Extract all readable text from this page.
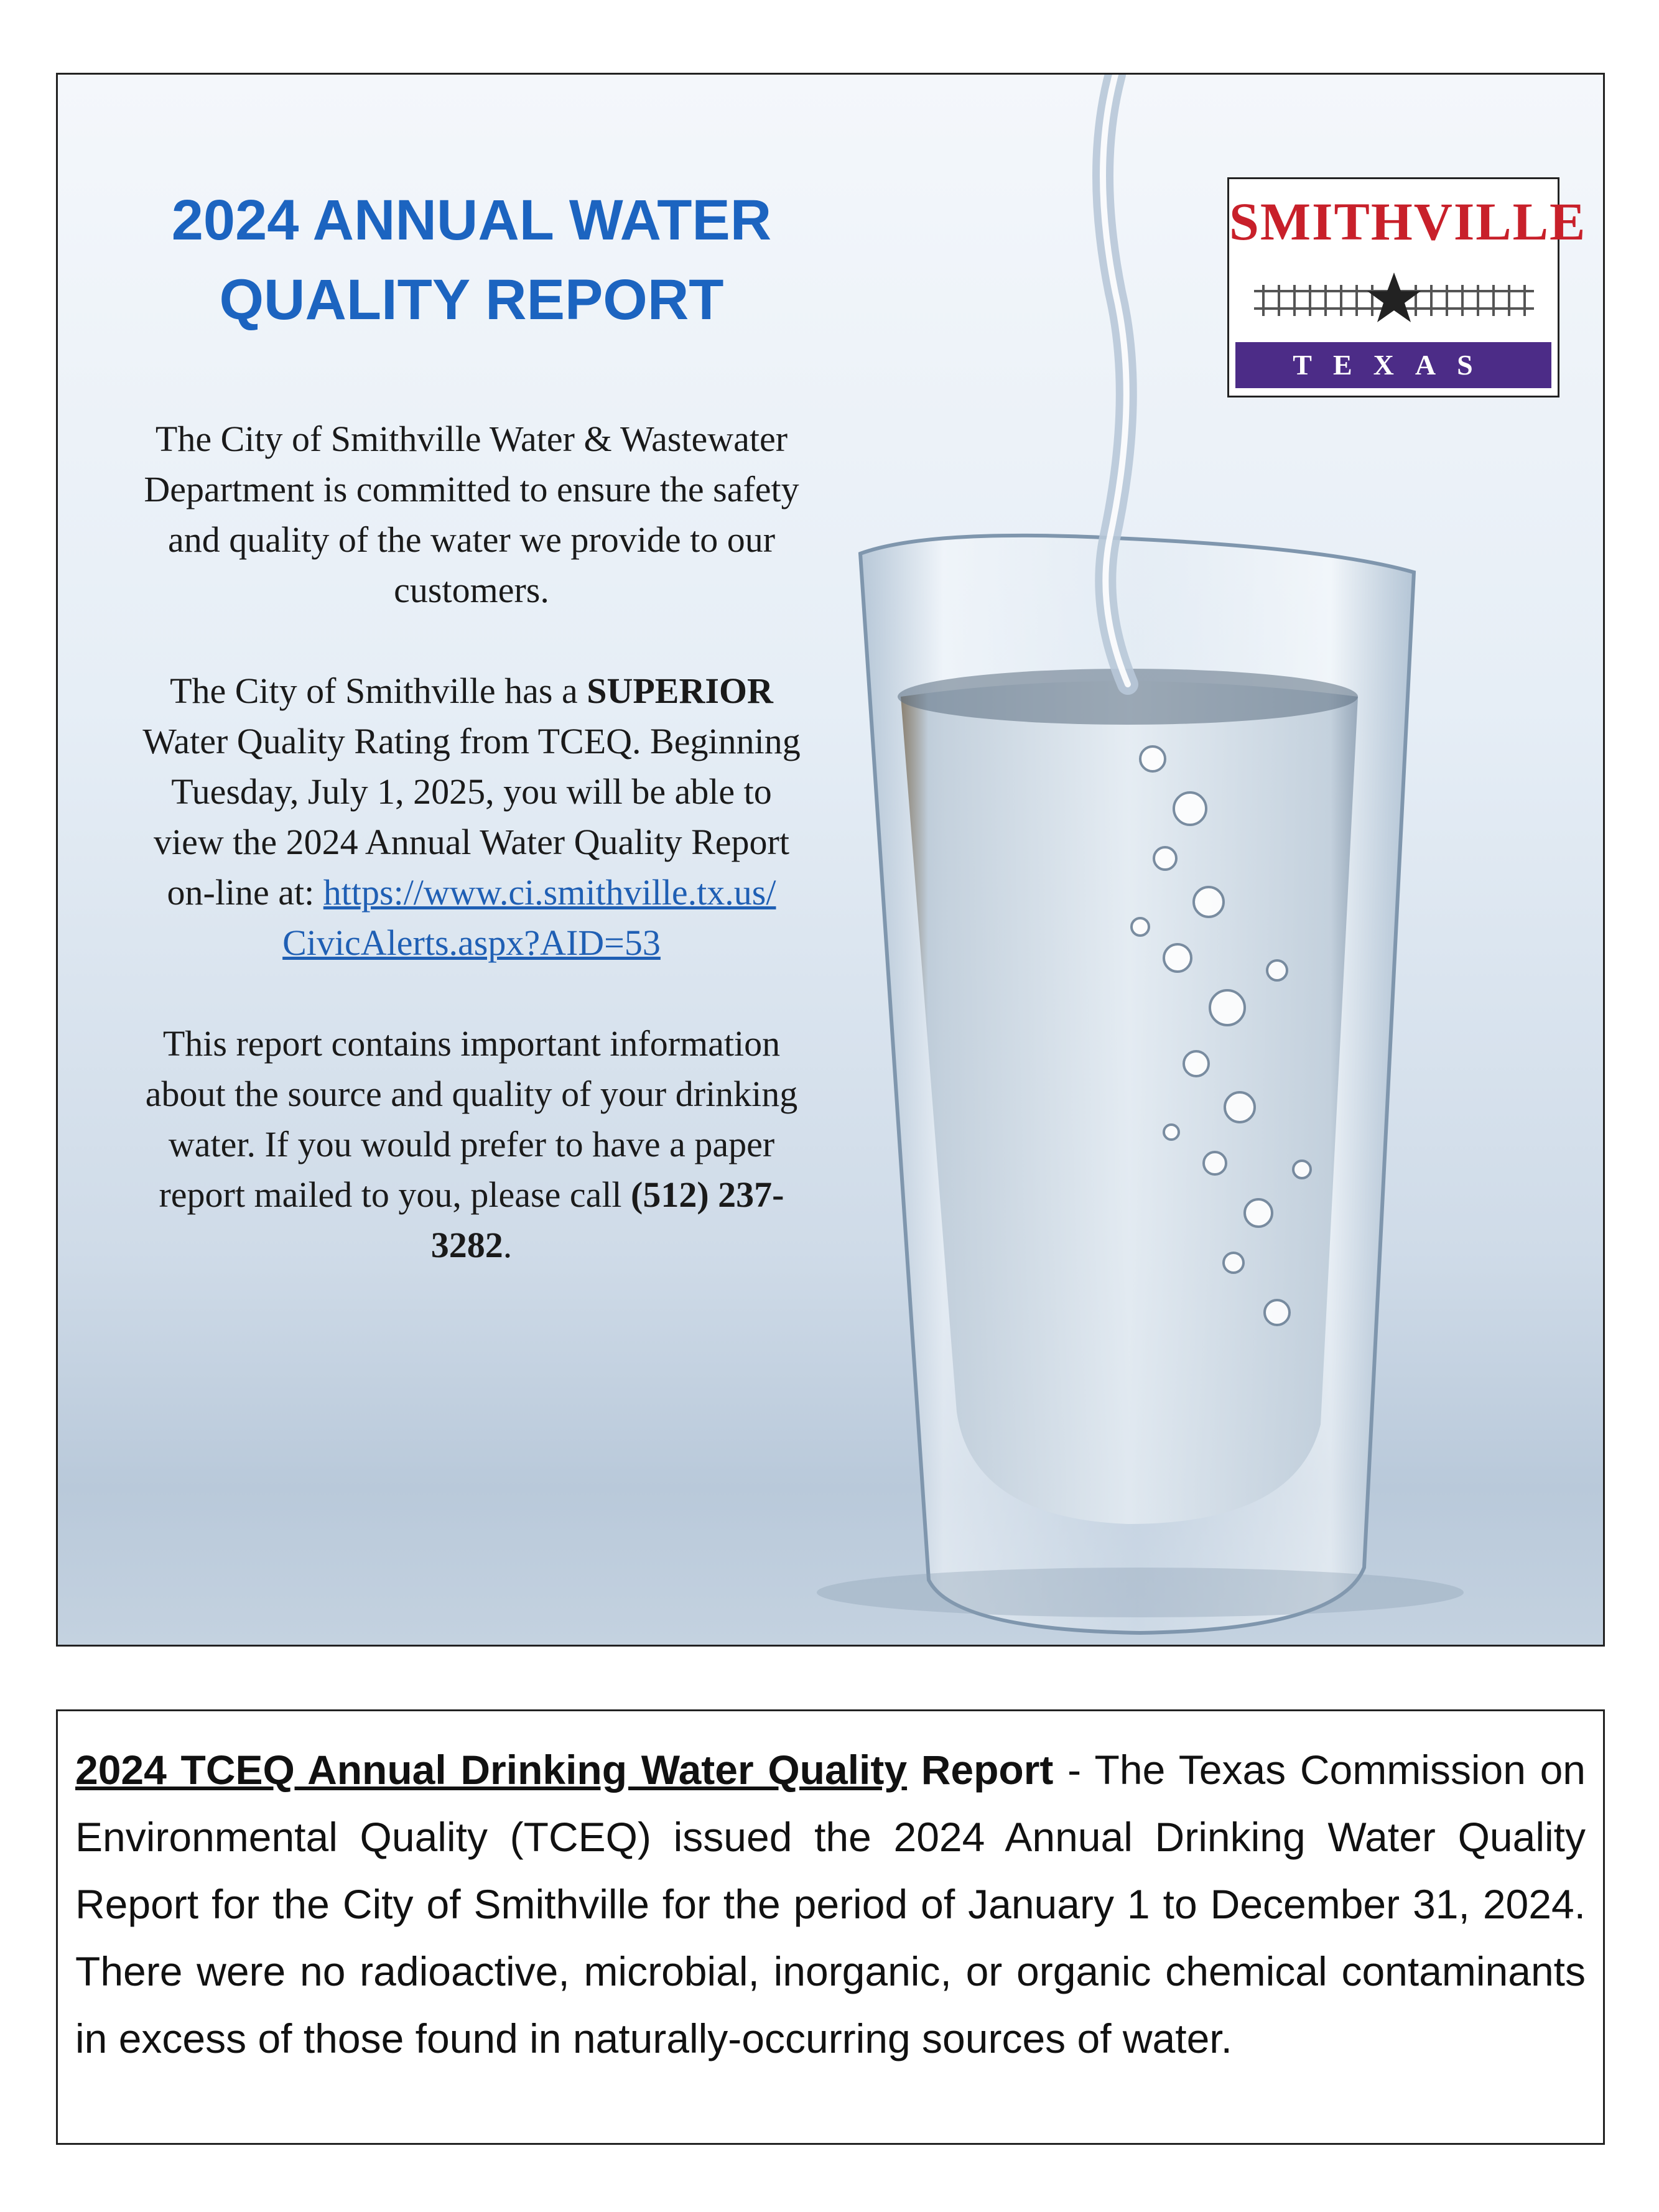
2024 ANNUAL WATER
QUALITY REPORT

The City of Smithville Water & Wastewater Department is committed to ensure the safety and quality of the water we provide to our customers.

The City of Smithville has a SUPERIOR Water Quality Rating from TCEQ. Beginning Tuesday, July 1, 2025, you will be able to view the 2024 Annual Water Quality Report on-line at: https://www.ci.smithville.tx.us/ CivicAlerts.aspx?AID=53

This report contains important information about the source and quality of your drinking water. If you would prefer to have a paper report mailed to you, please call (512) 237-3282.

SMITHVILLE
TEXAS
2024 TCEQ Annual Drinking Water Quality Report - The Texas Commission on Environmental Quality (TCEQ) issued the 2024 Annual Drinking Water Quality Report for the City of Smithville for the period of January 1 to December 31, 2024. There were no radioactive, microbial, inorganic, or organic chemical contaminants in excess of those found in naturally-occurring sources of water.
